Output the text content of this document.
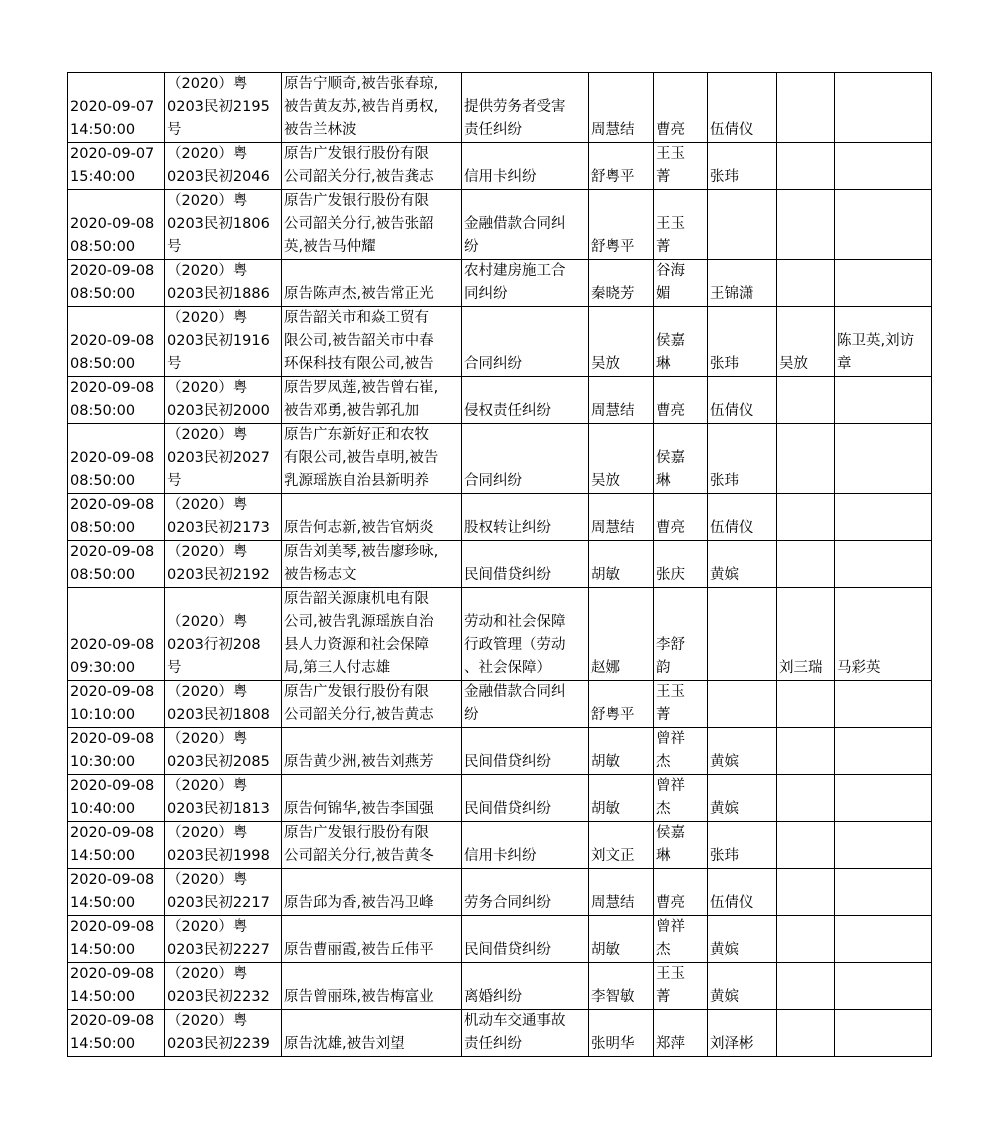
2020-09-07
14:50:00	（2020）粤
0203民初2195
号	原告宁顺奇,被告张春琼,
被告黄友苏,被告肖勇权,
被告兰林波	提供劳务者受害
责任纠纷	周慧结	曹亮	伍倩仪		
2020-09-07
15:40:00	（2020）粤
0203民初2046	原告广发银行股份有限
公司韶关分行,被告龚志	信用卡纠纷	舒粤平	王玉
菁	张玮		
2020-09-08
08:50:00	（2020）粤
0203民初1806
号	原告广发银行股份有限
公司韶关分行,被告张韶
英,被告马仲耀	金融借款合同纠
纷	舒粤平	王玉
菁			
2020-09-08
08:50:00	（2020）粤
0203民初1886	原告陈声杰,被告常正光	农村建房施工合
同纠纷	秦晓芳	谷海
媚	王锦潇		
2020-09-08
08:50:00	（2020）粤
0203民初1916
号	原告韶关市和焱工贸有
限公司,被告韶关市中春
环保科技有限公司,被告	合同纠纷	吴放	侯嘉
琳	张玮	吴放	陈卫英,刘访
章
2020-09-08
08:50:00	（2020）粤
0203民初2000	原告罗凤莲,被告曾右崔,
被告邓勇,被告郭孔加	侵权责任纠纷	周慧结	曹亮	伍倩仪		
2020-09-08
08:50:00	（2020）粤
0203民初2027
号	原告广东新好正和农牧
有限公司,被告卓明,被告
乳源瑶族自治县新明养	合同纠纷	吴放	侯嘉
琳	张玮		
2020-09-08
08:50:00	（2020）粤
0203民初2173	原告何志新,被告官炳炎	股权转让纠纷	周慧结	曹亮	伍倩仪		
2020-09-08
08:50:00	（2020）粤
0203民初2192	原告刘美琴,被告廖珍咏,
被告杨志文	民间借贷纠纷	胡敏	张庆	黄嫔		
2020-09-08
09:30:00	（2020）粤
0203行初208
号	原告韶关源康机电有限
公司,被告乳源瑶族自治
县人力资源和社会保障
局,第三人付志雄	劳动和社会保障
行政管理（劳动
、社会保障）	赵娜	李舒
韵		刘三瑞	马彩英
2020-09-08
10:10:00	（2020）粤
0203民初1808	原告广发银行股份有限
公司韶关分行,被告黄志	金融借款合同纠
纷	舒粤平	王玉
菁			
2020-09-08
10:30:00	（2020）粤
0203民初2085	原告黄少洲,被告刘燕芳	民间借贷纠纷	胡敏	曾祥
杰	黄嫔		
2020-09-08
10:40:00	（2020）粤
0203民初1813	原告何锦华,被告李国强	民间借贷纠纷	胡敏	曾祥
杰	黄嫔		
2020-09-08
14:50:00	（2020）粤
0203民初1998	原告广发银行股份有限
公司韶关分行,被告黄冬	信用卡纠纷	刘文正	侯嘉
琳	张玮		
2020-09-08
14:50:00	（2020）粤
0203民初2217	原告邱为香,被告冯卫峰	劳务合同纠纷	周慧结	曹亮	伍倩仪		
2020-09-08
14:50:00	（2020）粤
0203民初2227	原告曹丽霞,被告丘伟平	民间借贷纠纷	胡敏	曾祥
杰	黄嫔		
2020-09-08
14:50:00	（2020）粤
0203民初2232	原告曾丽珠,被告梅富业	离婚纠纷	李智敏	王玉
菁	黄嫔		
2020-09-08
14:50:00	（2020）粤
0203民初2239	原告沈雄,被告刘望	机动车交通事故
责任纠纷	张明华	郑萍	刘泽彬		
